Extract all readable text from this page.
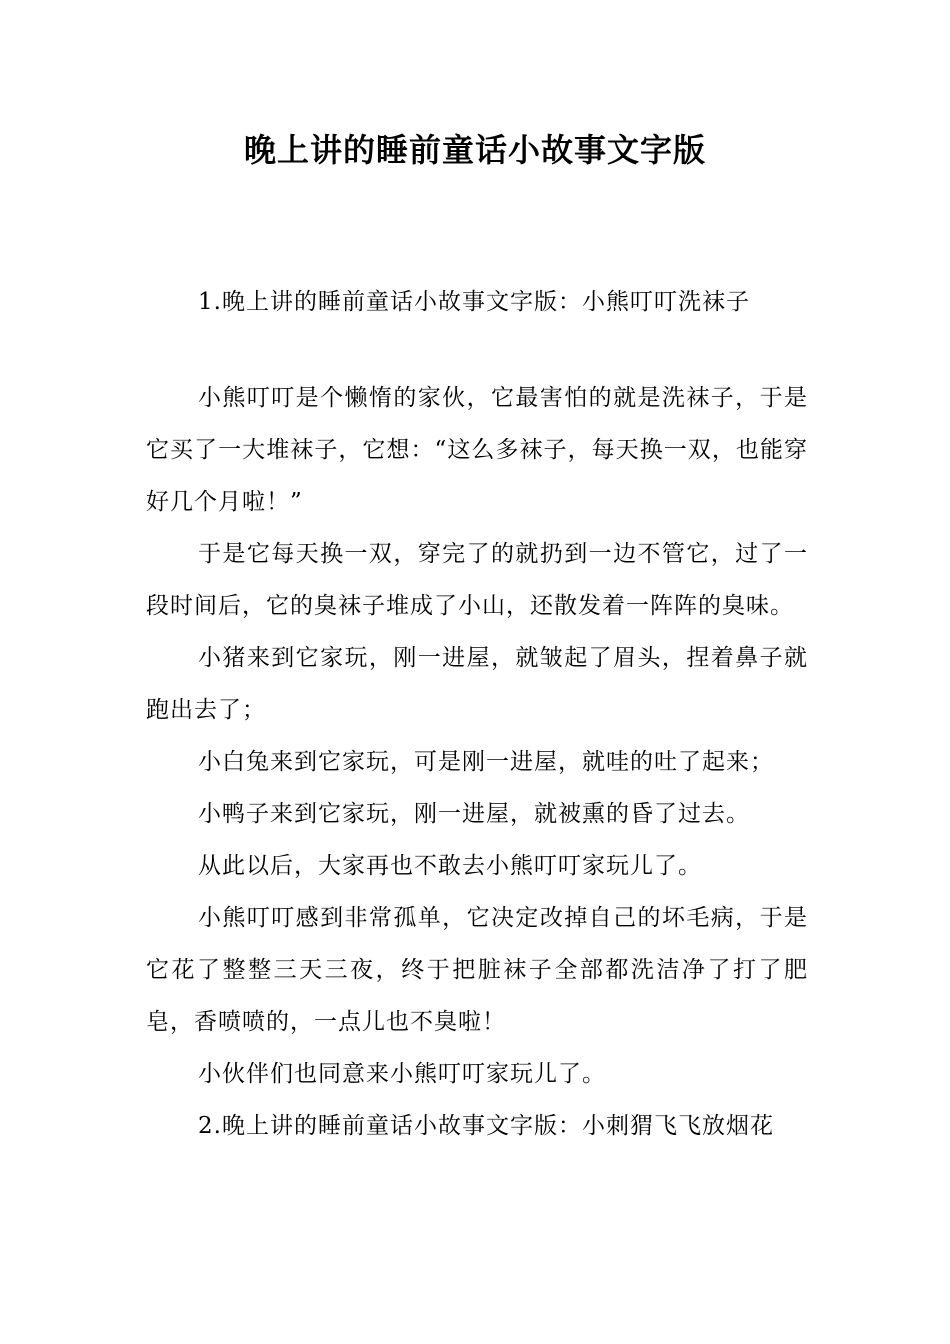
晚上讲的睡前童话小故事文字版

1.晚上讲的睡前童话小故事文字版：小熊叮叮洗袜子

小熊叮叮是个懒惰的家伙，它最害怕的就是洗袜子，于是它买了一大堆袜子，它想：“这么多袜子，每天换一双，也能穿好几个月啦！”

于是它每天换一双，穿完了的就扔到一边不管它，过了一段时间后，它的臭袜子堆成了小山，还散发着一阵阵的臭味。

小猪来到它家玩，刚一进屋，就皱起了眉头，捏着鼻子就跑出去了；

小白兔来到它家玩，可是刚一进屋，就哇的吐了起来；

小鸭子来到它家玩，刚一进屋，就被熏的昏了过去。

从此以后，大家再也不敢去小熊叮叮家玩儿了。

小熊叮叮感到非常孤单，它决定改掉自己的坏毛病，于是它花了整整三天三夜，终于把脏袜子全部都洗洁净了打了肥皂，香喷喷的，一点儿也不臭啦！

小伙伴们也同意来小熊叮叮家玩儿了。

2.晚上讲的睡前童话小故事文字版：小刺猬飞飞放烟花
